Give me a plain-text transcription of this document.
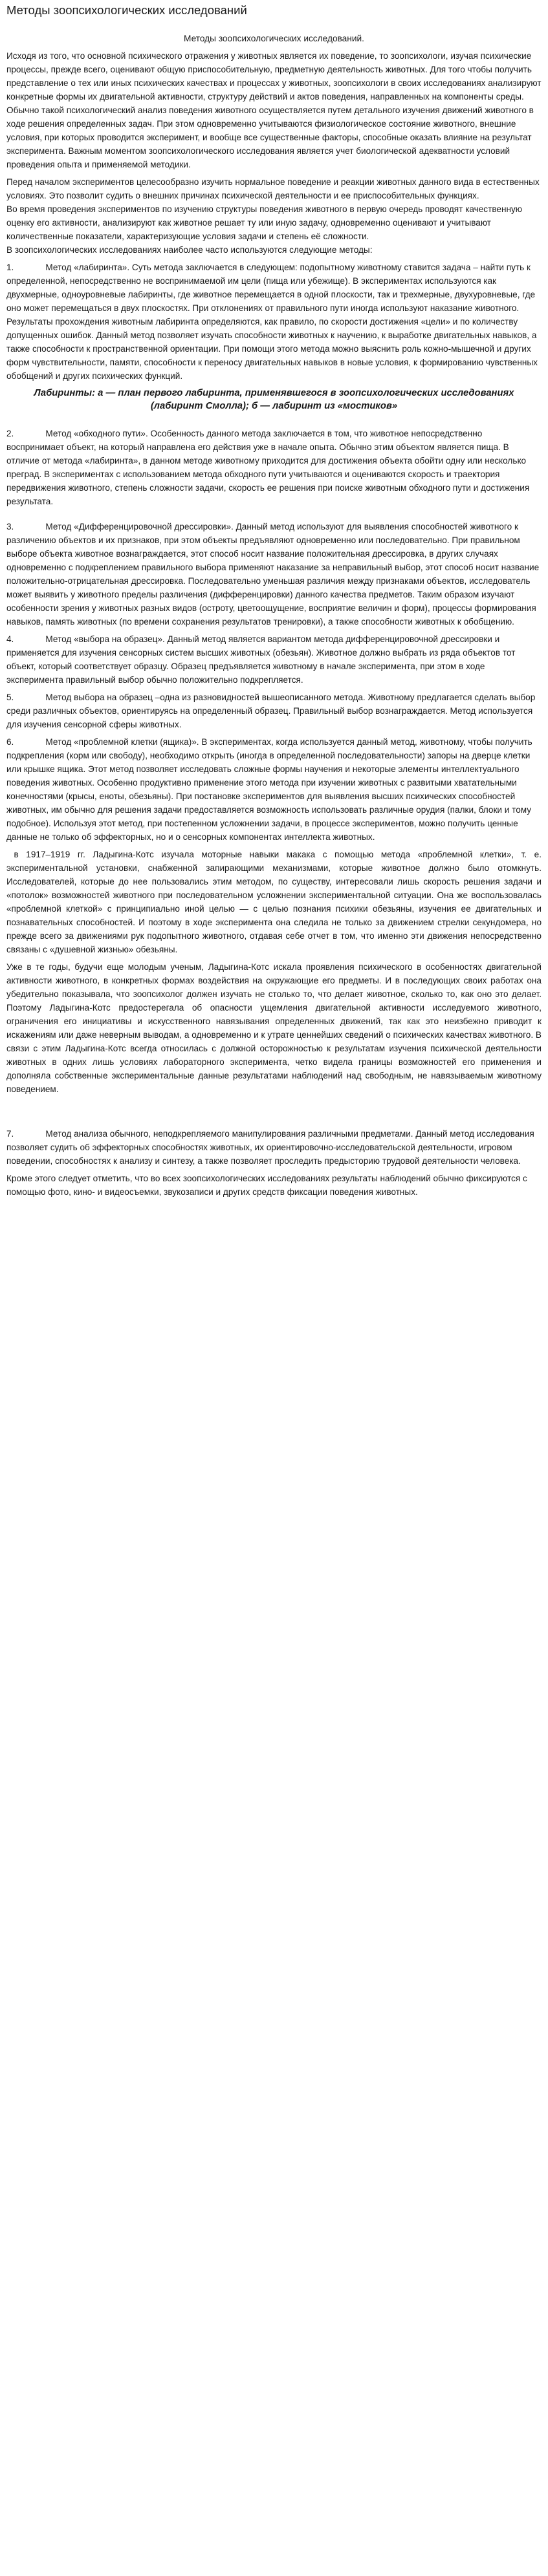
Методы зоопсихологических исследований
Методы зоопсихологических исследований.

Исходя из того, что основной психического отражения у животных является их поведение, то зоопсихологи, изучая психические процессы, прежде всего, оценивают общую приспособительную, предметную деятельность животных. Для того чтобы получить представление о тех или иных психических качествах и процессах у животных, зоопсихологи в своих исследованиях анализируют конкретные формы их двигательной активности, структуру действий и актов поведения, направленных на компоненты среды.

Обычно такой психологический анализ поведения животного осуществляется путем детального изучения движений животного в ходе решения определенных задач. При этом одновременно учитываются физиологическое состояние животного, внешние условия, при которых проводится эксперимент, и вообще все существенные факторы, способные оказать влияние на результат эксперимента. Важным моментом зоопсихологического исследования является учет биологической адекватности условий проведения опыта и применяемой методики.

Перед началом экспериментов целесообразно изучить нормальное поведение и реакции животных данного вида в естественных условиях. Это позволит судить о внешних причинах психической деятельности и ее приспособительных функциях.

Во время проведения экспериментов по изучению структуры поведения животного в первую очередь проводят качественную оценку его активности, анализируют как животное решает ту или иную задачу, одновременно оценивают и учитывают количественные показатели, характеризующие условия задачи и степень её сложности.

В зоопсихологических исследованиях наиболее часто используются следующие методы:

1.             Метод «лабиринта». Суть метода заключается в следующем: подопытному животному ставится задача – найти путь к определенной, непосредственно не воспринимаемой им цели (пища или убежище). В экспериментах используются как двухмерные, одноуровневые лабиринты, где животное перемещается в одной плоскости, так и трехмерные, двухуровневые, где оно может перемещаться в двух плоскостях. При отклонениях от правильного пути иногда используют наказание животного. Результаты прохождения животным лабиринта определяются, как правило, по скорости достижения «цели» и по количеству допущенных ошибок. Данный метод позволяет изучать способности животных к научению, к выработке двигательных навыков, а также способности к пространственной ориентации. При помощи этого метода можно выяснить роль кожно-мышечной и других форм чувствительности, памяти, способности к переносу двигательных навыков в новые условия, к формированию чувственных обобщений и других психических функций.

Лабиринты: а — план первого лабиринта, применявшегося в зоопсихологических исследованиях (лабиринт Смолла); б — лабиринт из «мостиков»

2.             Метод «обходного пути». Особенность данного метода заключается в том, что животное непосредственно воспринимает объект, на который направлена его действия уже в начале опыта. Обычно этим объектом является пища. В отличие от метода «лабиринта», в данном методе животному приходится для достижения объекта обойти одну или несколько преград. В экспериментах с использованием метода обходного пути учитываются и оцениваются скорость и траектория передвижения животного, степень сложности задачи, скорость ее решения при поиске животным обходного пути и достижения результата.

3.             Метод «Дифференцировочной дрессировки». Данный метод используют для выявления способностей животного к различению объектов и их признаков, при этом объекты предъявляют одновременно или последовательно. При правильном выборе объекта животное вознаграждается, этот способ носит название положительная дрессировка, в других случаях одновременно с подкреплением правильного выбора применяют наказание за неправильный выбор, этот способ носит название положительно-отрицательная дрессировка. Последовательно уменьшая различия между признаками объектов, исследователь может выявить у животного пределы различения (дифференцировки) данного качества предметов. Таким образом изучают особенности зрения у животных разных видов (остроту, цветоощущение, восприятие величин и форм), процессы формирования навыков, память животных (по времени сохранения результатов тренировки), а также способности животных к обобщению.

4.             Метод «выбора на образец». Данный метод является вариантом метода дифференцировочной дрессировки и применяется для изучения сенсорных систем высших животных (обезьян). Животное должно выбрать из ряда объектов тот объект, который соответствует образцу. Образец предъявляется животному в начале эксперимента, при этом в ходе эксперимента правильный выбор обычно положительно подкрепляется.

5.             Метод выбора на образец –одна из разновидностей вышеописанного метода. Животному предлагается сделать выбор среди различных объектов, ориентируясь на определенный образец. Правильный выбор вознаграждается. Метод используется для изучения сенсорной сферы животных.

6.             Метод «проблемной клетки (ящика)». В экспериментах, когда используется данный метод, животному, чтобы получить подкрепления (корм или свободу), необходимо открыть (иногда в определенной последовательности) запоры на дверце клетки или крышке ящика. Этот метод позволяет исследовать сложные формы научения и некоторые элементы интеллектуального поведения животных. Особенно продуктивно применение этого метода при изучении животных с развитыми хватательными конечностями (крысы, еноты, обезьяны). При постановке экспериментов для выявления высших психических способностей животных, им обычно для решения задачи предоставляется возможность использовать различные орудия (палки, блоки и тому подобное). Используя этот метод, при постепенном усложнении задачи, в процессе экспериментов, можно получить ценные данные не только об эффекторных, но и о сенсорных компонентах интеллекта животных.

в 1917–1919 гг. Ладыгина-Котс изучала моторные навыки макака с помощью метода «проблемной клетки», т. е. экспериментальной установки, снабженной запирающими механизмами, которые животное должно было отомкнуть. Исследователей, которые до нее пользовались этим методом, по существу, интересовали лишь скорость решения задачи и «потолок» возможностей животного при последовательном усложнении экспериментальной ситуации. Она же воспользовалась «проблемной клеткой» с принципиально иной целью — с целью познания психики обезьяны, изучения ее двигательных и познавательных способностей. И поэтому в ходе эксперимента она следила не только за движением стрелки секундомера, но прежде всего за движениями рук подопытного животного, отдавая себе отчет в том, что именно эти движения непосредственно связаны с «душевной жизнью» обезьяны.

Уже в те годы, будучи еще молодым ученым, Ладыгина-Котс искала проявления психического в особенностях двигательной активности животного, в конкретных формах воздействия на окружающие его предметы. И в последующих своих работах она убедительно показывала, что зоопсихолог должен изучать не столько то, что делает животное, сколько то, как оно это делает. Поэтому Ладыгина-Котс предостерегала об опасности ущемления двигательной активности исследуемого животного, ограничения его инициативы и искусственного навязывания определенных движений, так как это неизбежно приводит к искажениям или даже неверным выводам, а одновременно и к утрате ценнейших сведений о психических качествах животного. В связи с этим Ладыгина-Котс всегда относилась с должной осторожностью к результатам изучения психической деятельности животных в одних лишь условиях лабораторного эксперимента, четко видела границы возможностей его применения и дополняла собственные экспериментальные данные результатами наблюдений над свободным, не навязываемым животному поведением.

7.             Метод анализа обычного, неподкрепляемого манипулирования различными предметами. Данный метод исследования позволяет судить об эффекторных способностях животных, их ориентировочно-исследовательской деятельности, игровом поведении, способностях к анализу и синтезу, а также позволяет проследить предысторию трудовой деятельности человека.

Кроме этого следует отметить, что во всех зоопсихологических исследованиях результаты наблюдений обычно фиксируются с помощью фото, кино- и видеосъемки, звукозаписи и других средств фиксации поведения животных.
